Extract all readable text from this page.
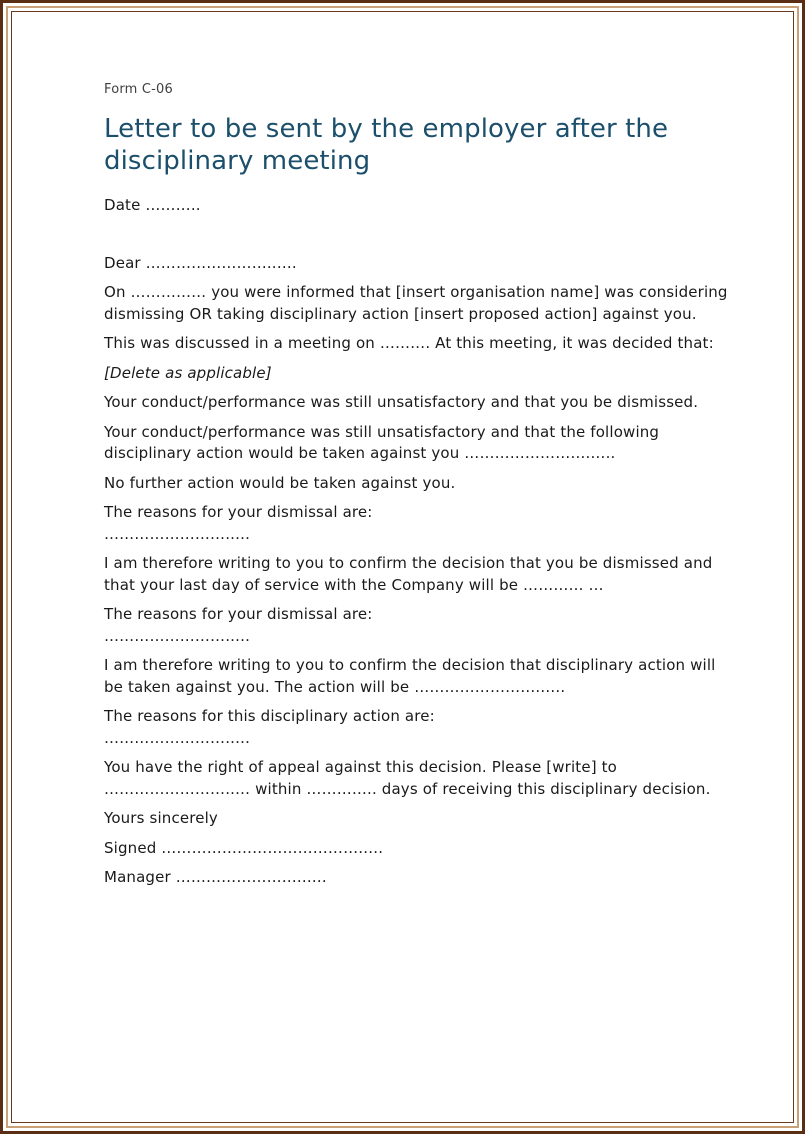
Form C-06
Letter to be sent by the employer after the
disciplinary meeting

Date ………..

Dear ……………………..….

On …………… you were informed that [insert organisation name] was considering dismissing OR taking disciplinary action [insert proposed action] against you.

This was discussed in a meeting on ………. At this meeting, it was decided that:

[Delete as applicable]

Your conduct/performance was still unsatisfactory and that you be dismissed.

Your conduct/performance was still unsatisfactory and that the following disciplinary action would be taken against you …………………….…..

No further action would be taken against you.

The reasons for your dismissal are:
……………………..…

I am therefore writing to you to confirm the decision that you be dismissed and that your last day of service with the Company will be ………… …

The reasons for your dismissal are:
……………………..…

I am therefore writing to you to confirm the decision that disciplinary action will be taken against you. The action will be ……………………..….

The reasons for this disciplinary action are:
……………………..…

You have the right of appeal against this decision. Please [write] to ……………………..… within ………….. days of receiving this disciplinary decision.

Yours sincerely

Signed ………………………………….….

Manager ……………………..….
